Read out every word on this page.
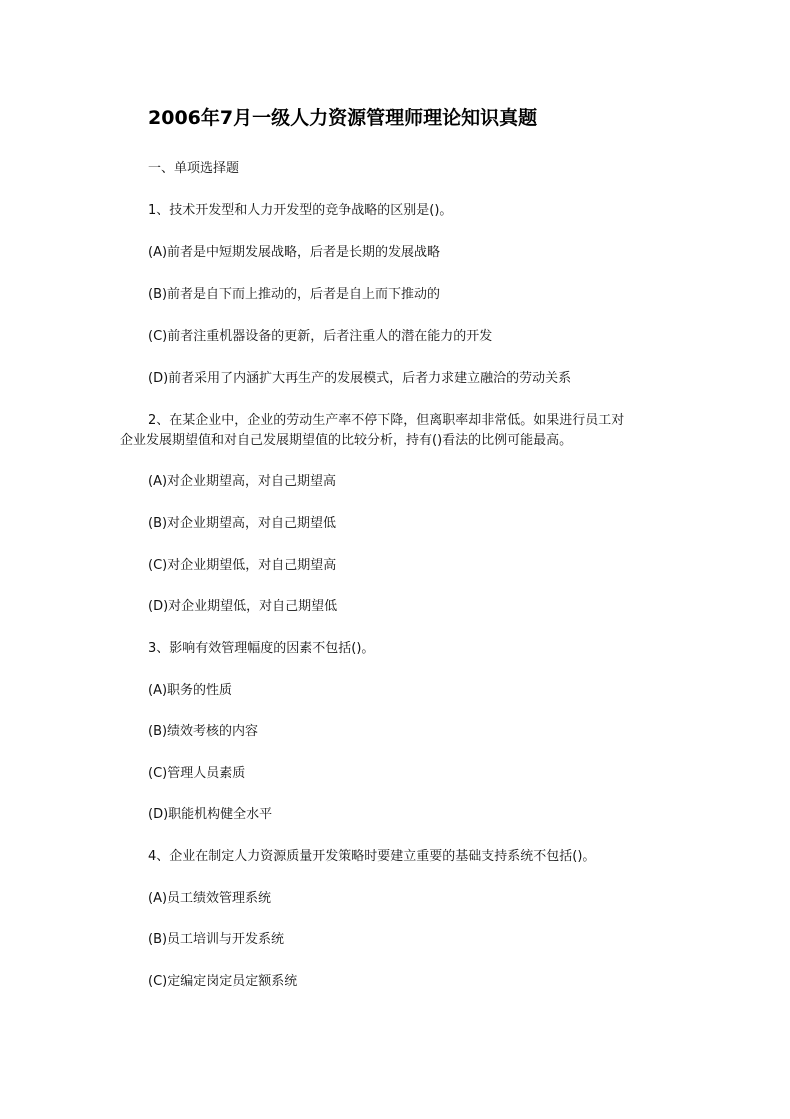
2006年7月一级人力资源管理师理论知识真题
一、单项选择题
1、技术开发型和人力开发型的竞争战略的区别是()。
(A)前者是中短期发展战略，后者是长期的发展战略
(B)前者是自下而上推动的，后者是自上而下推动的
(C)前者注重机器设备的更新，后者注重人的潜在能力的开发
(D)前者采用了内涵扩大再生产的发展模式，后者力求建立融洽的劳动关系
2、在某企业中，企业的劳动生产率不停下降，但离职率却非常低。如果进行员工对
企业发展期望值和对自己发展期望值的比较分析，持有()看法的比例可能最高。
(A)对企业期望高，对自己期望高
(B)对企业期望高，对自己期望低
(C)对企业期望低，对自己期望高
(D)对企业期望低，对自己期望低
3、影响有效管理幅度的因素不包括()。
(A)职务的性质
(B)绩效考核的内容
(C)管理人员素质
(D)职能机构健全水平
4、企业在制定人力资源质量开发策略时要建立重要的基础支持系统不包括()。
(A)员工绩效管理系统
(B)员工培训与开发系统
(C)定编定岗定员定额系统
